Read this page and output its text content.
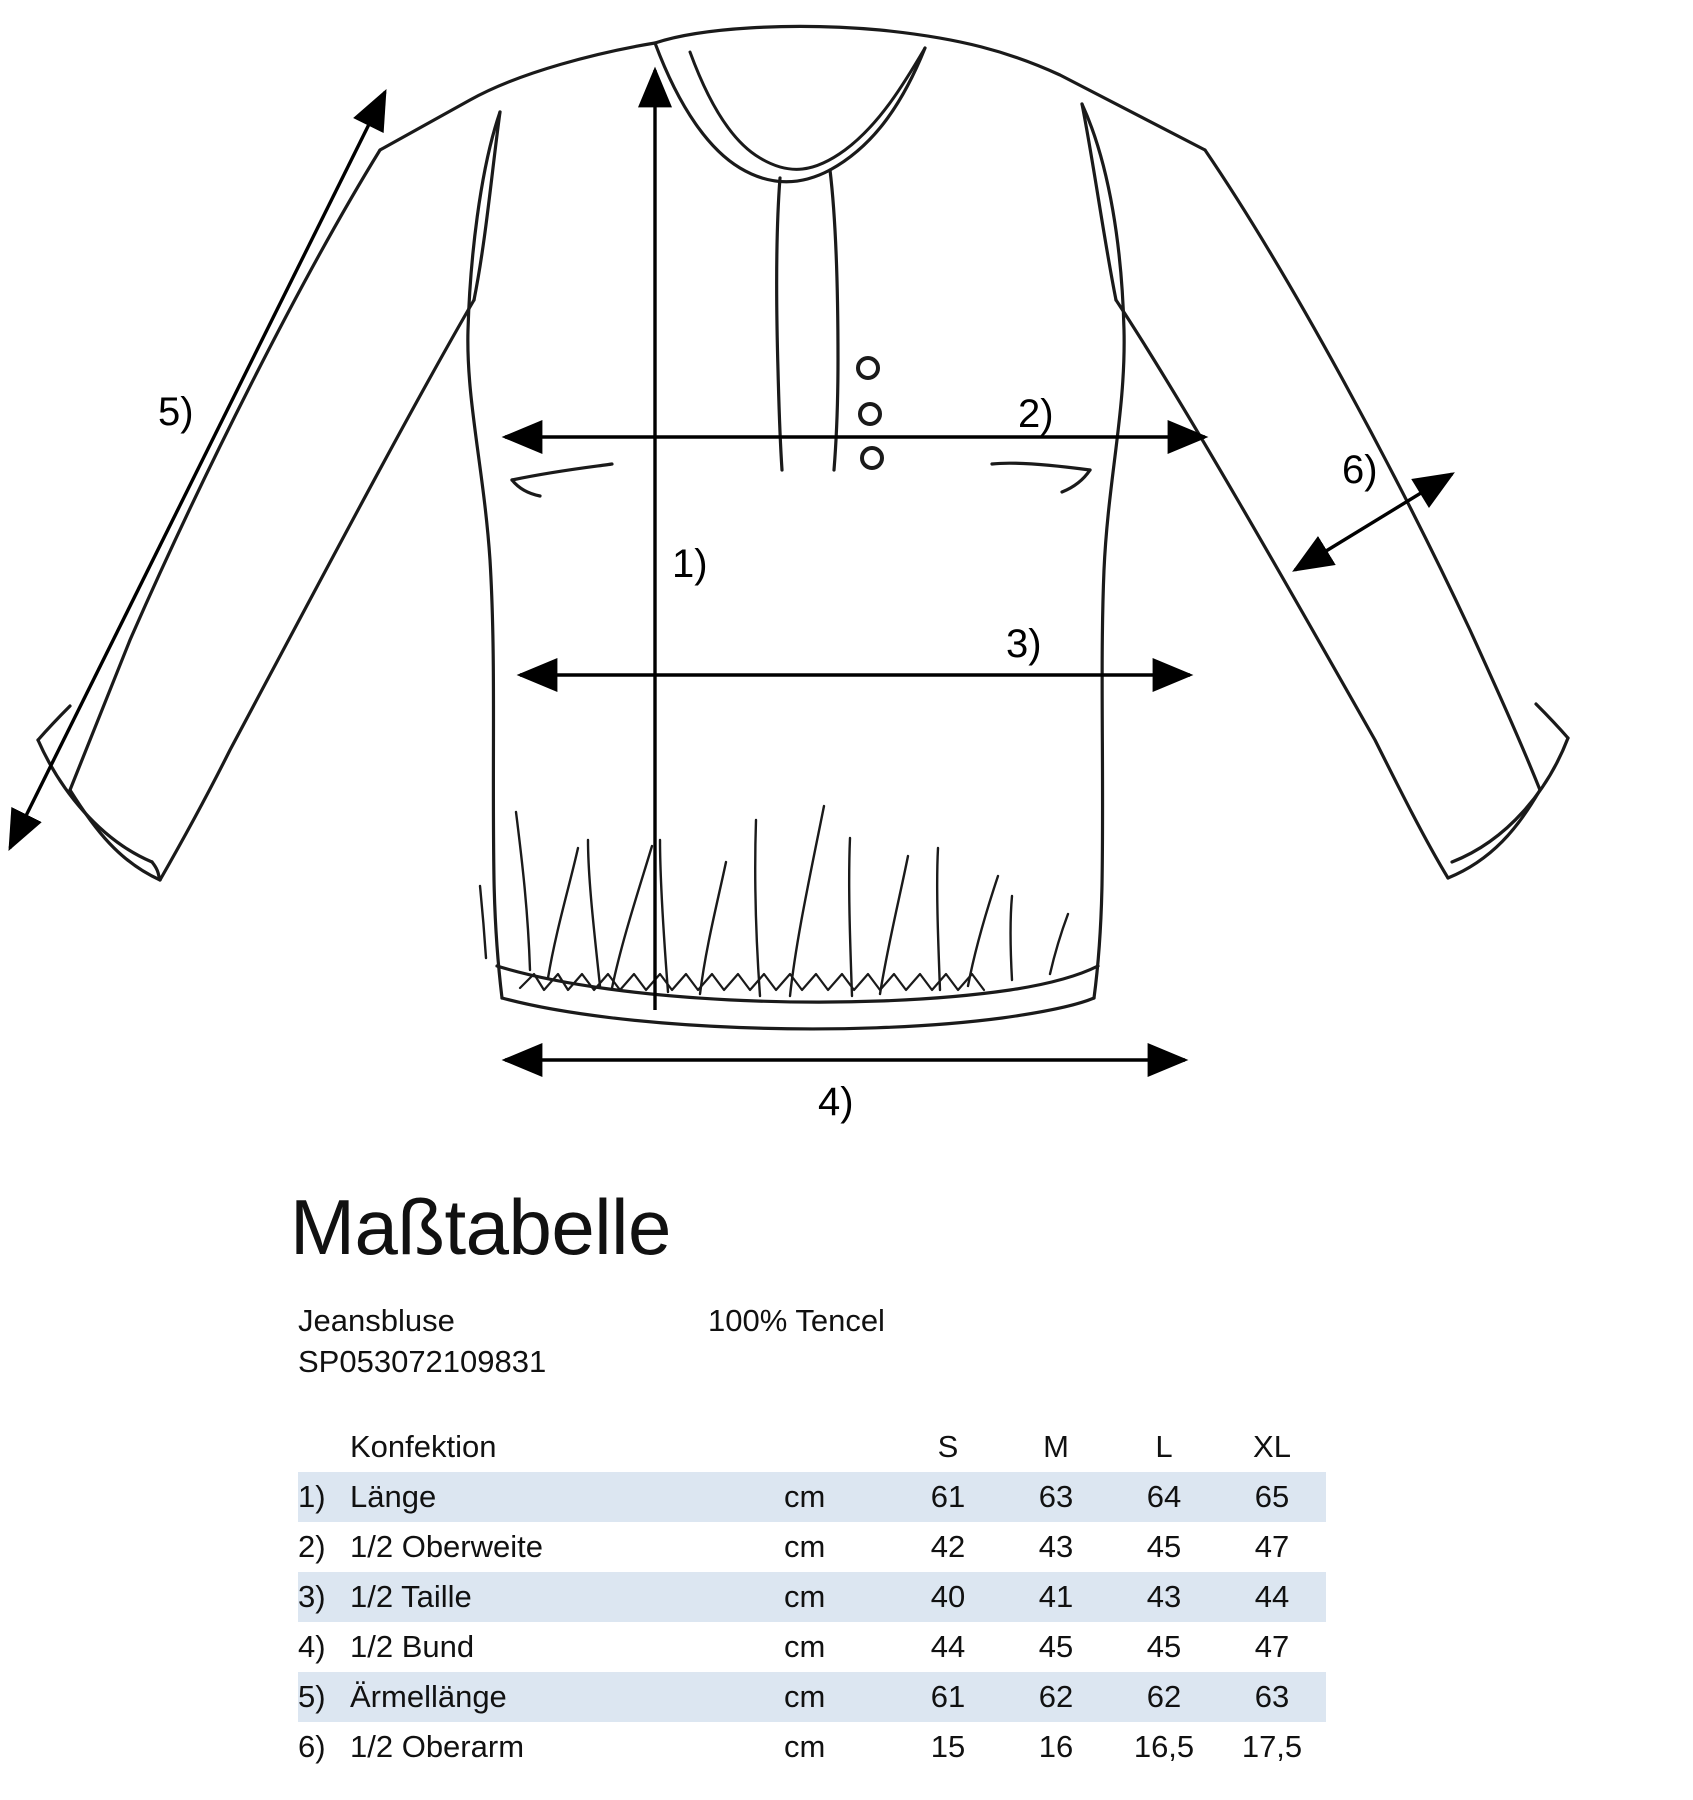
1)
2)
3)
4)
5)
6)
Maßtabelle
Jeansbluse	100% Tencel
SP053072109831
	Konfektion		S	M	L	XL
1)	Länge	cm	61	63	64	65
2)	1/2 Oberweite	cm	42	43	45	47
3)	1/2 Taille	cm	40	41	43	44
4)	1/2 Bund	cm	44	45	45	47
5)	Ärmellänge	cm	61	62	62	63
6)	1/2 Oberarm	cm	15	16	16,5	17,5
